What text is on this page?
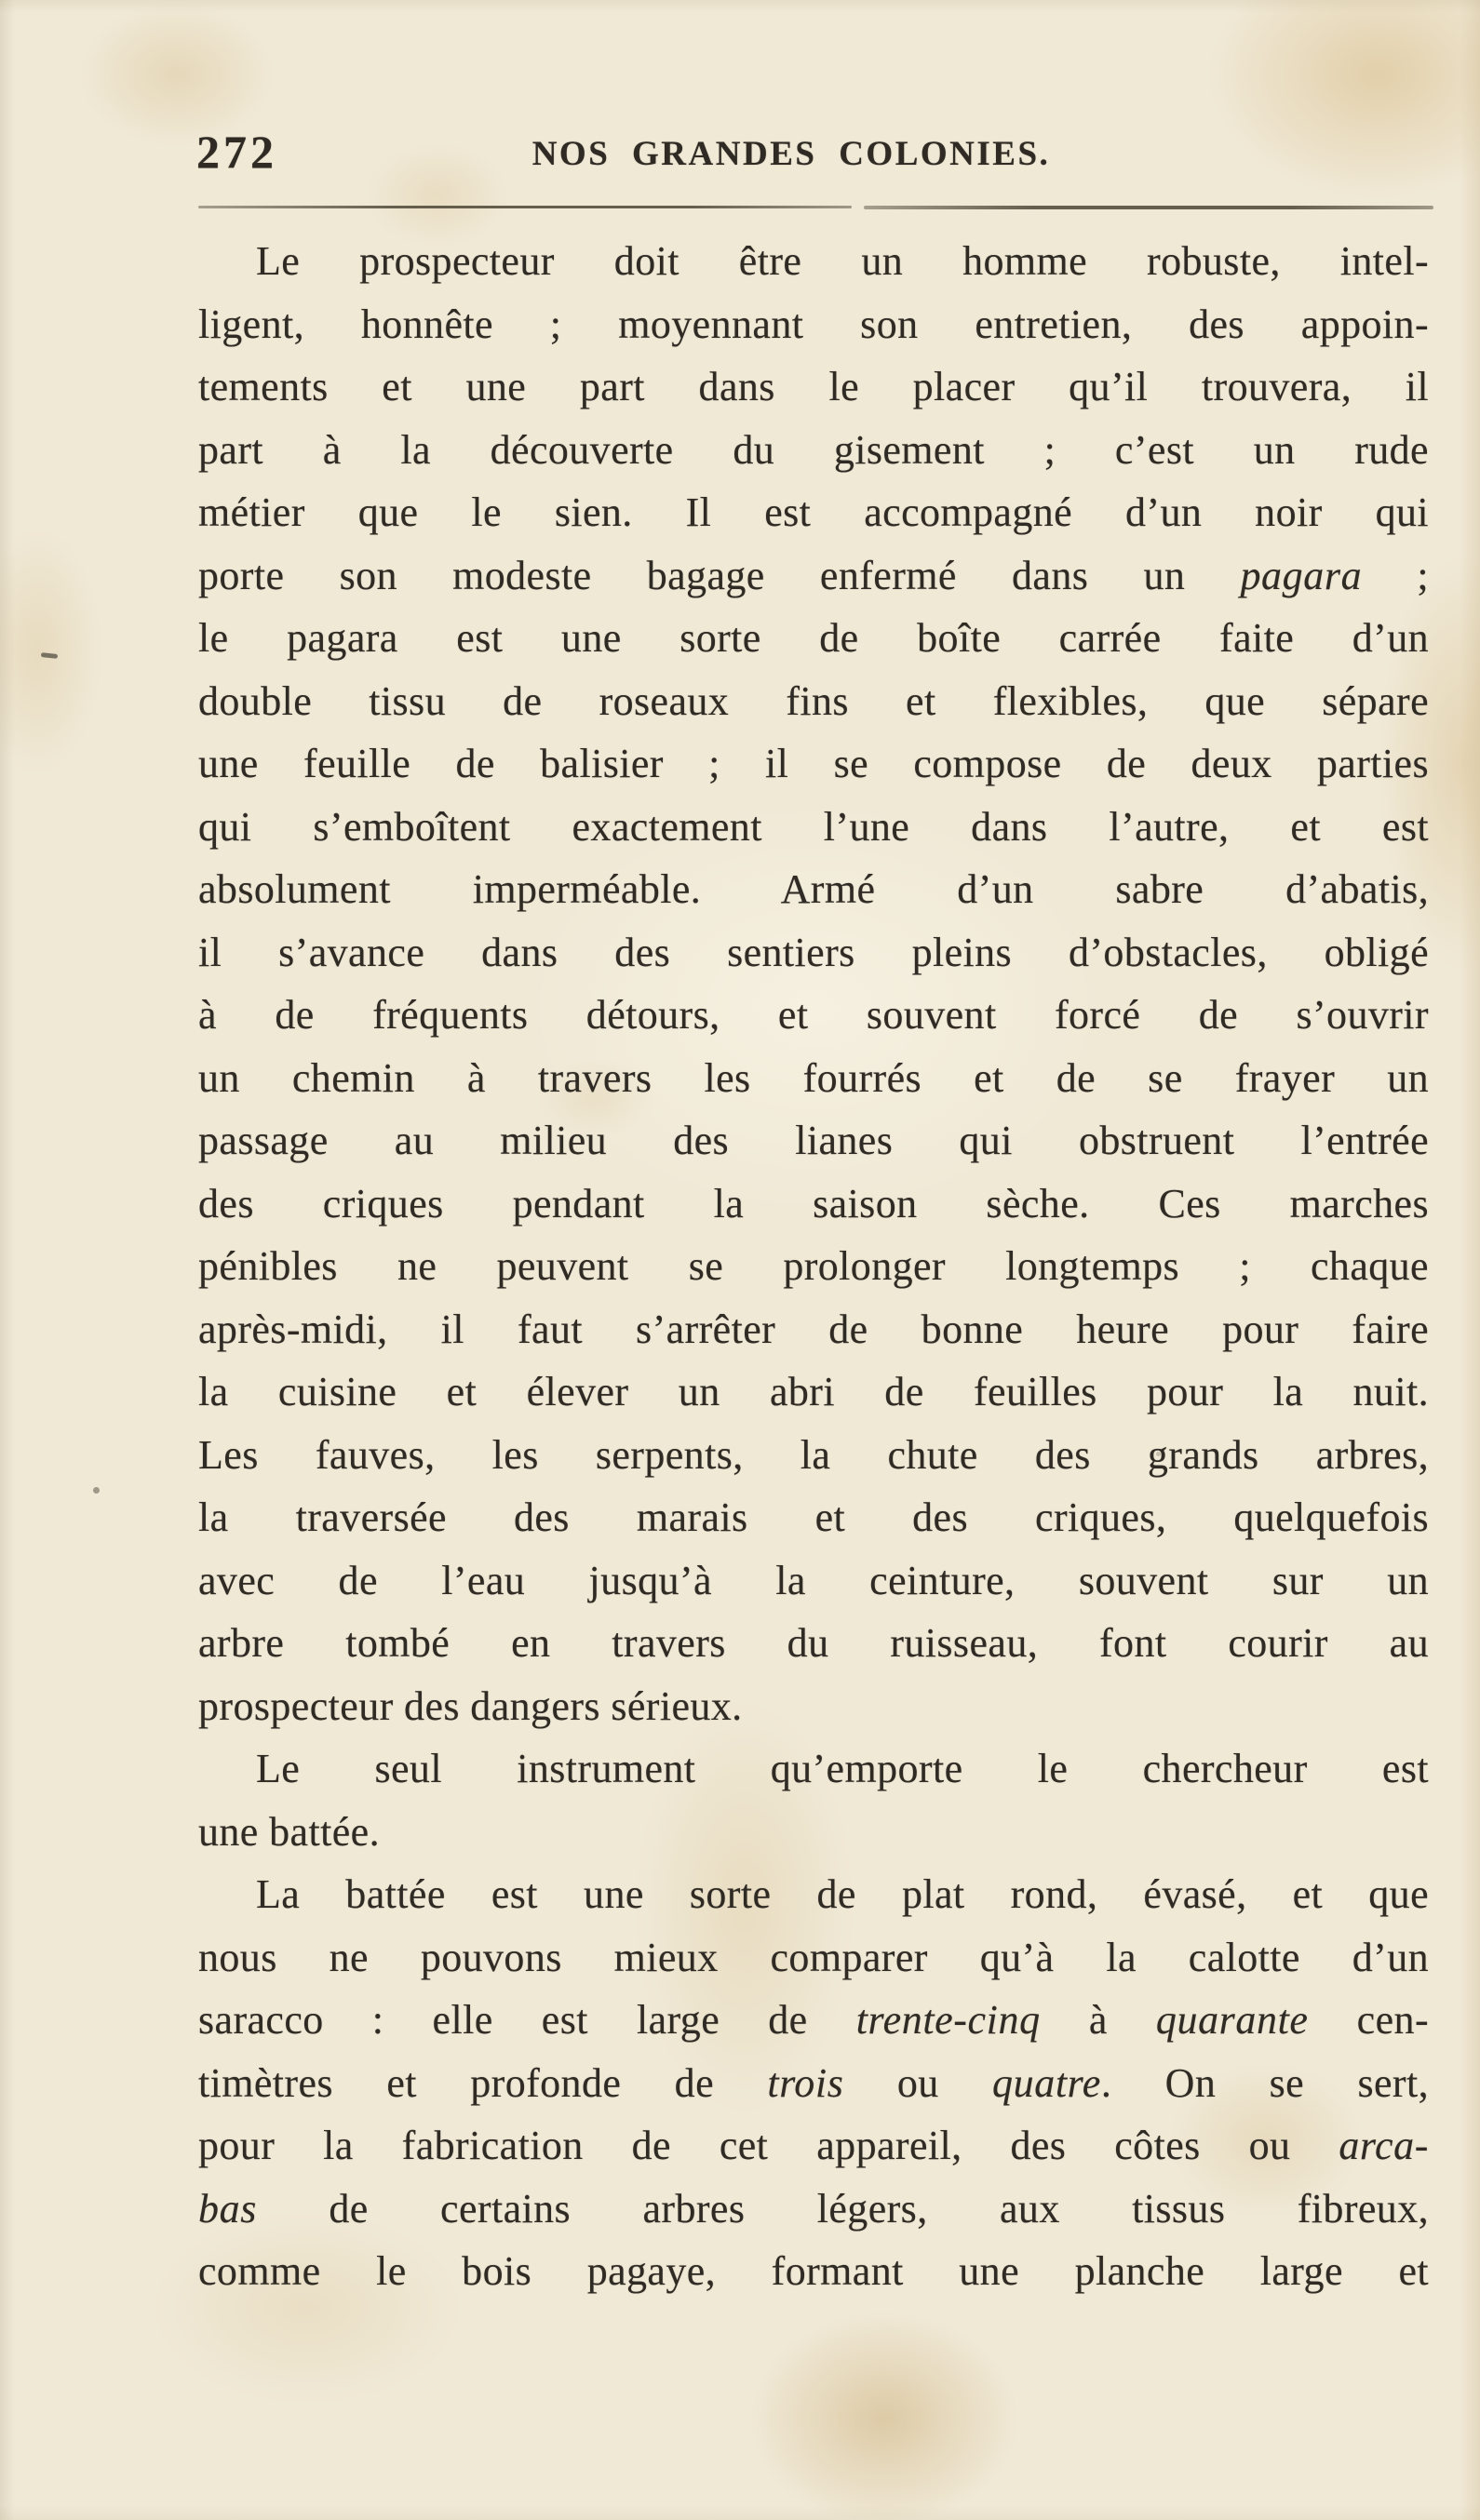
272	NOS GRANDES COLONIES.
Le prospecteur doit être un homme robuste, intel-
ligent, honnête ; moyennant son entretien, des appoin-
tements et une part dans le placer qu’il trouvera, il
part à la découverte du gisement ; c’est un rude
métier que le sien. Il est accompagné d’un noir qui
porte son modeste bagage enfermé dans un pagara ;
le pagara est une sorte de boîte carrée faite d’un
double tissu de roseaux fins et flexibles, que sépare
une feuille de balisier ; il se compose de deux parties
qui s’emboîtent exactement l’une dans l’autre, et est
absolument imperméable. Armé d’un sabre d’abatis,
il s’avance dans des sentiers pleins d’obstacles, obligé
à de fréquents détours, et souvent forcé de s’ouvrir
un chemin à travers les fourrés et de se frayer un
passage au milieu des lianes qui obstruent l’entrée
des criques pendant la saison sèche. Ces marches
pénibles ne peuvent se prolonger longtemps ; chaque
après-midi, il faut s’arrêter de bonne heure pour faire
la cuisine et élever un abri de feuilles pour la nuit.
Les fauves, les serpents, la chute des grands arbres,
la traversée des marais et des criques, quelquefois
avec de l’eau jusqu’à la ceinture, souvent sur un
arbre tombé en travers du ruisseau, font courir au
prospecteur des dangers sérieux.
Le seul instrument qu’emporte le chercheur est
une battée.
La battée est une sorte de plat rond, évasé, et que
nous ne pouvons mieux comparer qu’à la calotte d’un
saracco : elle est large de trente-cinq à quarante cen-
timètres et profonde de trois ou quatre. On se sert,
pour la fabrication de cet appareil, des côtes ou arca-
bas de certains arbres légers, aux tissus fibreux,
comme le bois pagaye, formant une planche large et
